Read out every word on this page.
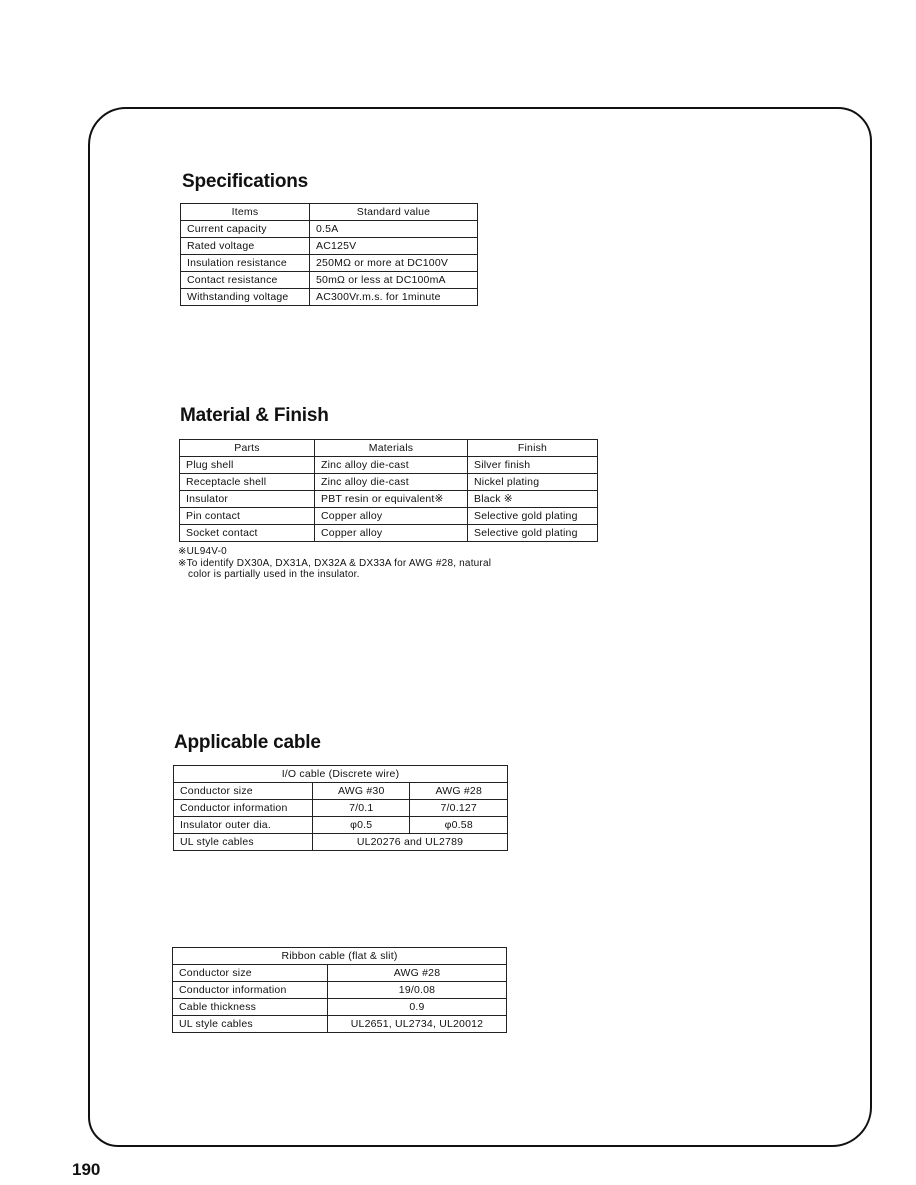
Specifications
Items	Standard value
Current capacity	0.5A
Rated voltage	AC125V
Insulation resistance	250MΩ or more at DC100V
Contact resistance	50mΩ or less at DC100mA
Withstanding voltage	AC300Vr.m.s. for 1minute
Material & Finish
Parts	Materials	Finish
Plug shell	Zinc alloy die-cast	Silver finish
Receptacle shell	Zinc alloy die-cast	Nickel plating
Insulator	PBT resin or equivalent※	Black ※
Pin contact	Copper alloy	Selective gold plating
Socket contact	Copper alloy	Selective gold plating

※UL94V-0

※To identify DX30A, DX31A, DX32A & DX33A for AWG #28, natural

color is partially used in the insulator.

Applicable cable
I/O cable (Discrete wire)		
Conductor size	AWG #30	AWG #28
Conductor information	7/0.1	7/0.127
Insulator outer dia.	φ0.5	φ0.58
UL style cables	UL20276 and UL2789	
Ribbon cable (flat & slit)	
Conductor size	AWG #28
Conductor information	19/0.08
Cable thickness	0.9
UL style cables	UL2651, UL2734, UL20012
190
